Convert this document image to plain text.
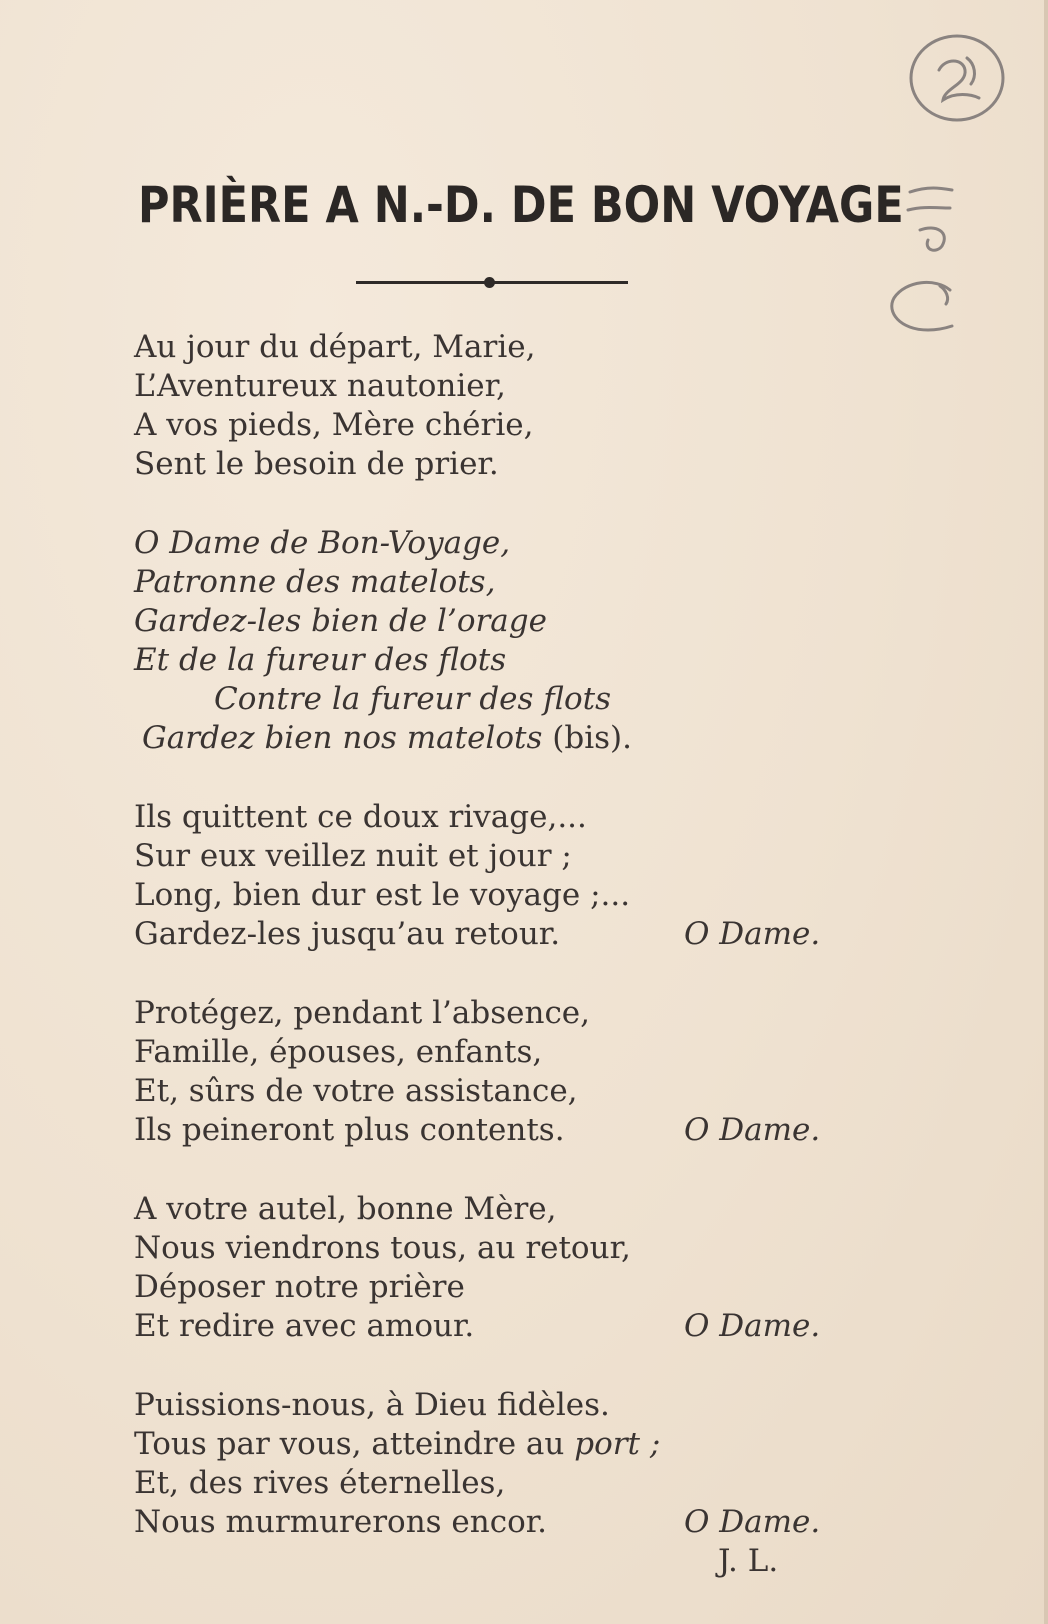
PRIÈRE A N.-D. DE BON VOYAGE
Au jour du départ, Marie,
L’Aventureux nautonier,
A vos pieds, Mère chérie,
Sent le besoin de prier.
O Dame de Bon-Voyage,
Patronne des matelots,
Gardez-les bien de l’orage
Et de la fureur des flots
Contre la fureur des flots
Gardez bien nos matelots (bis).
Ils quittent ce doux rivage,...
Sur eux veillez nuit et jour ;
Long, bien dur est le voyage ;...
Gardez-les jusqu’au retour.	O Dame.
Protégez, pendant l’absence,
Famille, épouses, enfants,
Et, sûrs de votre assistance,
Ils peineront plus contents.	O Dame.
A votre autel, bonne Mère,
Nous viendrons tous, au retour,
Déposer notre prière
Et redire avec amour.	O Dame.
Puissions-nous, à Dieu fidèles.
Tous par vous, atteindre au port ;
Et, des rives éternelles,
Nous murmurerons encor.	O Dame.
J. L.
